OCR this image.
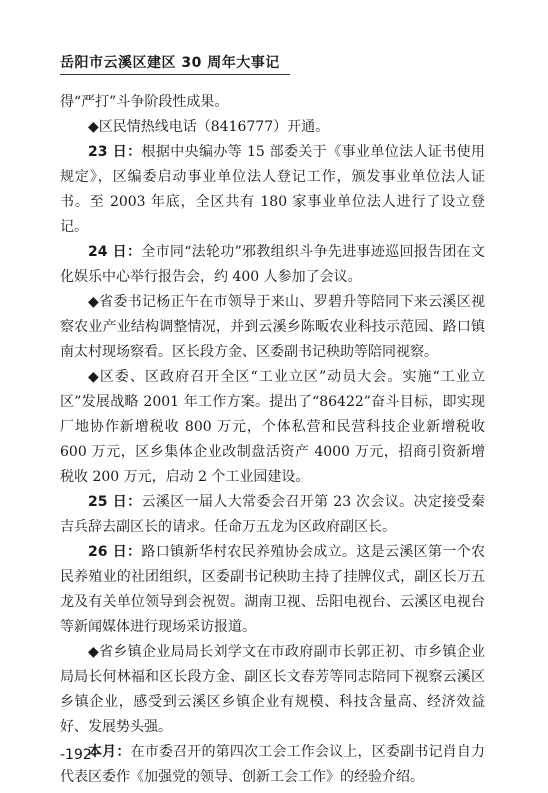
岳阳市云溪区建区 30 周年大事记

得“严打”斗争阶段性成果。

◆区民情热线电话（8416777）开通。

23 日：根据中央编办等 15 部委关于《事业单位法人证书使用规定》，区编委启动事业单位法人登记工作，颁发事业单位法人证书。至 2003 年底，全区共有 180 家事业单位法人进行了设立登记。

24 日：全市同“法轮功”邪教组织斗争先进事迹巡回报告团在文化娱乐中心举行报告会，约 400 人参加了会议。

◆省委书记杨正午在市领导于来山、罗碧升等陪同下来云溪区视察农业产业结构调整情况，并到云溪乡陈畈农业科技示范园、路口镇南太村现场察看。区长段方金、区委副书记秧助等陪同视察。

◆区委、区政府召开全区“工业立区”动员大会。实施“工业立区”发展战略 2001 年工作方案。提出了“86422”奋斗目标，即实现厂地协作新增税收 800 万元，个体私营和民营科技企业新增税收 600 万元，区乡集体企业改制盘活资产 4000 万元，招商引资新增税收 200 万元，启动 2 个工业园建设。

25 日：云溪区一届人大常委会召开第 23 次会议。决定接受秦吉兵辞去副区长的请求。任命万五龙为区政府副区长。

26 日：路口镇新华村农民养殖协会成立。这是云溪区第一个农民养殖业的社团组织，区委副书记秧助主持了挂牌仪式，副区长万五龙及有关单位领导到会祝贺。湖南卫视、岳阳电视台、云溪区电视台等新闻媒体进行现场采访报道。

◆省乡镇企业局局长刘学文在市政府副市长郭正初、市乡镇企业局局长何林福和区长段方金、副区长文春芳等同志陪同下视察云溪区乡镇企业，感受到云溪区乡镇企业有规模、科技含量高、经济效益好、发展势头强。

本月：在市委召开的第四次工会工作会议上，区委副书记肖自力代表区委作《加强党的领导、创新工会工作》的经验介绍。

-192-
